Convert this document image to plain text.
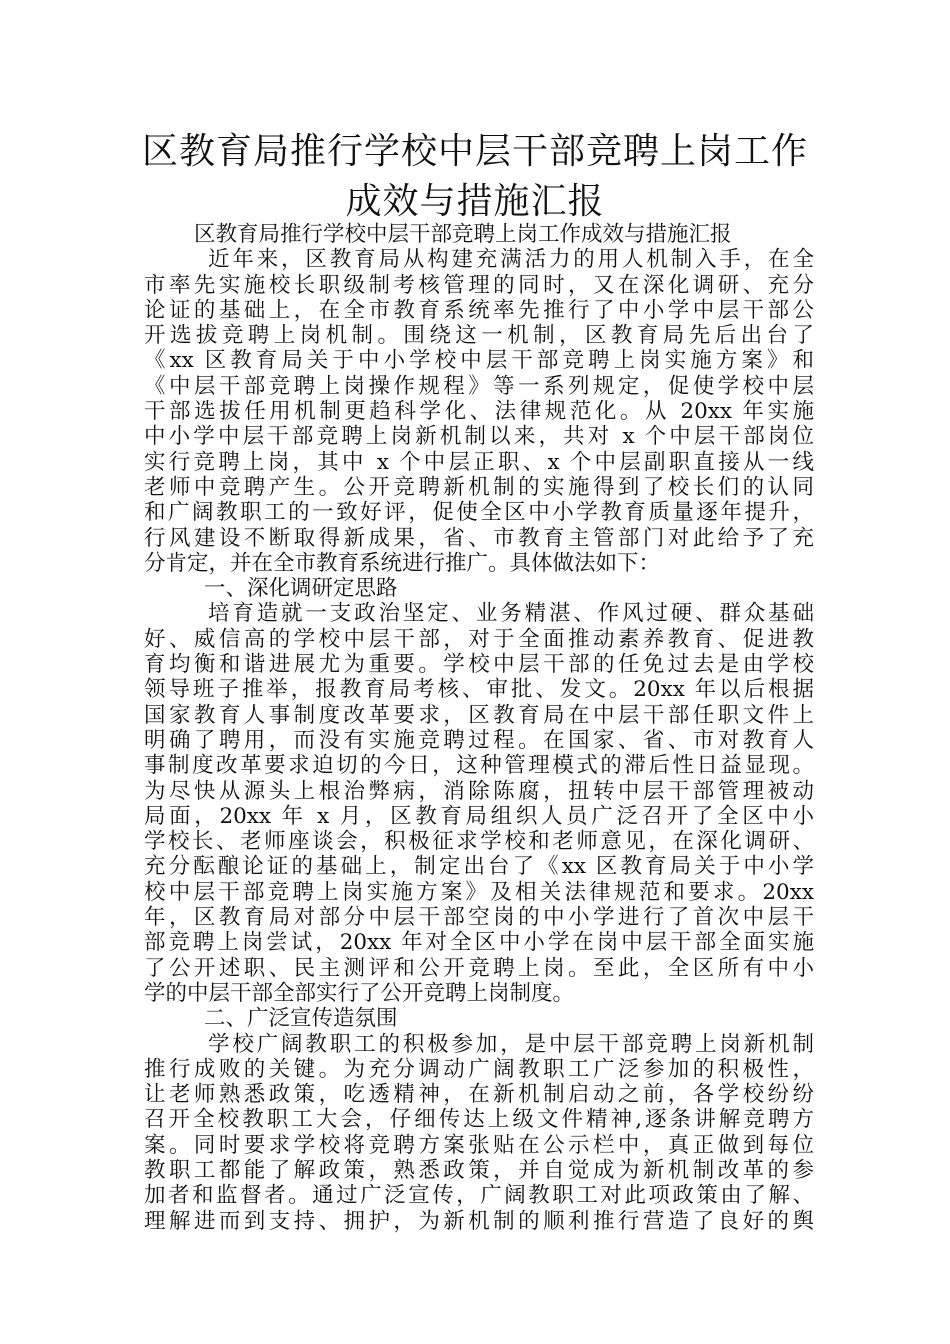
区教育局推行学校中层干部竞聘上岗工作
成效与措施汇报
区教育局推行学校中层干部竞聘上岗工作成效与措施汇报
近年来，区教育局从构建充满活力的用人机制入手，在全
市率先实施校长职级制考核管理的同时，又在深化调研、充分
论证的基础上，在全市教育系统率先推行了中小学中层干部公
开选拔竞聘上岗机制。围绕这一机制，区教育局先后出台了
《xx 区教育局关于中小学校中层干部竞聘上岗实施方案》和
《中层干部竞聘上岗操作规程》等一系列规定，促使学校中层
干部选拔任用机制更趋科学化、法律规范化。从 20xx 年实施
中小学中层干部竞聘上岗新机制以来，共对 x 个中层干部岗位
实行竞聘上岗，其中 x 个中层正职、x 个中层副职直接从一线
老师中竞聘产生。公开竞聘新机制的实施得到了校长们的认同
和广阔教职工的一致好评，促使全区中小学教育质量逐年提升，
行风建设不断取得新成果，省、市教育主管部门对此给予了充
分肯定，并在全市教育系统进行推广。具体做法如下：
一、深化调研定思路
培育造就一支政治坚定、业务精湛、作风过硬、群众基础
好、威信高的学校中层干部，对于全面推动素养教育、促进教
育均衡和谐进展尤为重要。学校中层干部的任免过去是由学校
领导班子推举，报教育局考核、审批、发文。20xx 年以后根据
国家教育人事制度改革要求，区教育局在中层干部任职文件上
明确了聘用，而没有实施竞聘过程。在国家、省、市对教育人
事制度改革要求迫切的今日，这种管理模式的滞后性日益显现。
为尽快从源头上根治弊病，消除陈腐，扭转中层干部管理被动
局面，20xx 年 x 月，区教育局组织人员广泛召开了全区中小
学校长、老师座谈会，积极征求学校和老师意见，在深化调研、
充分酝酿论证的基础上，制定出台了《xx 区教育局关于中小学
校中层干部竞聘上岗实施方案》及相关法律规范和要求。20xx
年，区教育局对部分中层干部空岗的中小学进行了首次中层干
部竞聘上岗尝试，20xx 年对全区中小学在岗中层干部全面实施
了公开述职、民主测评和公开竞聘上岗。至此，全区所有中小
学的中层干部全部实行了公开竞聘上岗制度。
二、广泛宣传造氛围
学校广阔教职工的积极参加，是中层干部竞聘上岗新机制
推行成败的关键。为充分调动广阔教职工广泛参加的积极性，
让老师熟悉政策，吃透精神，在新机制启动之前，各学校纷纷
召开全校教职工大会，仔细传达上级文件精神,逐条讲解竞聘方
案。同时要求学校将竞聘方案张贴在公示栏中，真正做到每位
教职工都能了解政策，熟悉政策，并自觉成为新机制改革的参
加者和监督者。通过广泛宣传，广阔教职工对此项政策由了解、
理解进而到支持、拥护，为新机制的顺利推行营造了良好的舆
